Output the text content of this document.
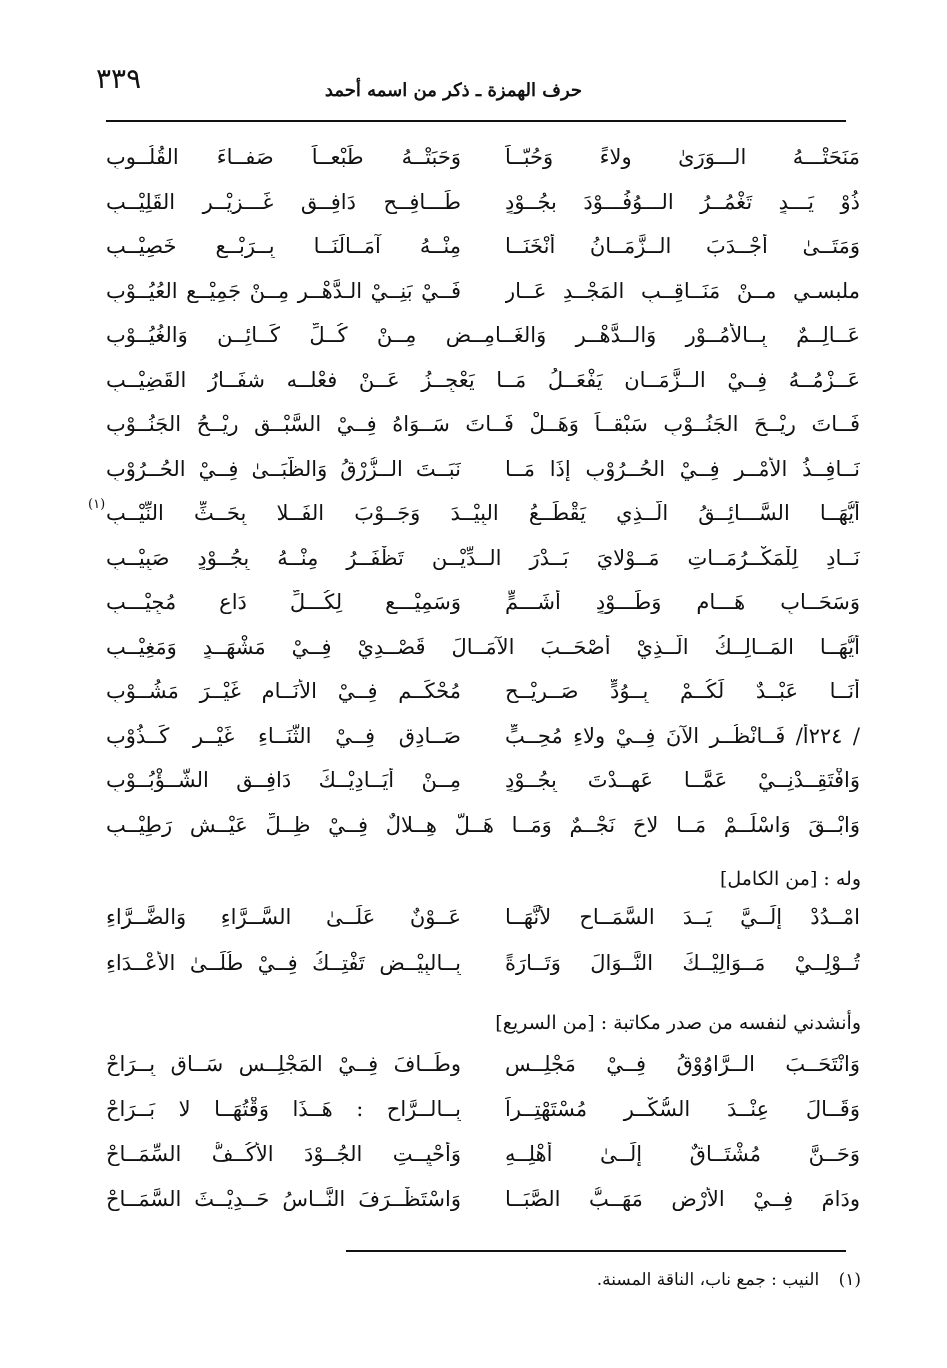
٣٣٩	حرف الهمزة ـ ذكر من اسمه أحمد
مَنَحَتْـــهُ الـــوَرَىٰ ولاءً وَحُبّــاً
وَحَبَتْــهُ طَبْعــاً صَفــاءَ القُلُــوبِ
ذُوْ يَـــدٍ تَغْمُــرُ الـــوُفُـــوْدَ بجُــوْدٍ
طَـــافِــحٍ دَافِــقٍ غَـــزِيْــرِ القَلِيْــبِ
وَمَتَــىٰ أَجْــدَبَ الــزَّمَــانُ أَنْخَنَــا
مِنْــهُ آمَــالَنَــا بِــرَبْــعٍ خَصِيْــبِ
ملبسـي مــنْ مَنَــاقِــبِ المَجْــدِ عَــارٍ
فَــيْ بَنِــيْ الـدَّهْــرِ مِــنْ جَمِيْــعِ العُيُــوْبِ
عَــالِــمٌ بِــالأُمُــوْرِ وَالــدَّهْــرِ وَالغَــامِــضِ مِــنْ كُــلِّ كَــائِــنٍ وَالغُيُــوْبِ
عَــزْمُــهُ فِــيْ الــزَّمَــانِ يَفْعَــلُ مَــا يَعْجِــزُ عَــنْ فعْلــه شفَــارُ القَضِيْــبِ
فَــاتَ رِيْــحَ الجَنُــوْبِ سَبْقــاً وَهَــلْ فَــاتَ سَــوَاهُ فِــيْ السَّبْــقِ رِيْــحُ الجَنُــوْبِ
نَــافِــذُ الأَمْــرِ فِــيْ الحُــرُوْبِ إِذَا مَــا
نَبَــتَ الــزُّرْقُ وَالظُّبَــىٰ فِــيْ الحُــرُوْبِ
أَيُّهَــا السَّـــائِــقُ الَّــذِي يَقْطَــعُ البِيْــدَ وَجَــوْبَ الفَــلا بِحَــثِّ النِّيْــبِ
(١)
نَــادِ لِلْمَكْــرُمَــاتِ مَــوْلايَ بَــدْرَ الــدِّيْــنِ تَظْفَــرُ مِنْــهُ بِجُــوْدٍ صَبِيْــبِ
وَسَحَــابٍ هَـــامٍ وَطَـــوْدٍ أَشَـــمٍّ
وَسَمِيْـــعٍ لِكُـــلِّ دَاعٍ مُجِيْـــبِ
أَيُّهَــا المَــالِــكُ الَّــذِيْ أَصْحَــبَ الآمَــالَ قَصْــدِيْ فِــيْ مَشْهَــدٍ وَمَغِيْــبِ
أَنَــا عَبْــدٌ لَكُــمْ بِــوُدٍّ صَــرِيْــحٍ
مُحْكَــمٍ فِــيْ الأَنَــامِ غَيْــرَ مَشُــوْبِ
/ ٢٢٤أ/ فَــانْظُــرِ الآنَ فِــيْ ولاءِ مُحِــبٍّ
صَــادِقٍ فِــيْ الثَّنَــاءِ غَيْــرِ كَــذُوْبِ
وَافْتَقِــدْنِــيْ عَمَّــا عَهِــدْتَ بِجُــوْدٍ
مِــنْ أَيَــادِيْــكَ دَافِــقِ الشُّــؤْبُــوْبِ
وَابْــقَ وَاسْلَــمْ مَــا لاحَ نَجْــمٌ وَمَــا هَــلَّ هِــلالٌ فِــيْ ظِــلِّ عَيْــشٍ رَطِيْــبِ
وله : [من الكامل]
امْــدُدْ إِلَــيَّ يَــدَ السَّمَــاحِ لأَنَّهَــا
عَــوْنٌ عَلَــىٰ السَّــرَّاءِ وَالضَّــرَّاءِ
تُــوْلِــيْ مَــوَالِيْــكَ النَّــوَالَ وَتَــارَةً
بِــالبِيْــضِ تَفْتِــكُ فِــيْ طُلَــىٰ الأَعْــدَاءِ
وأنشدني لنفسه من صدر مكاتبة : [من السريع]
وَانْتَحَــبَ الــرَّاوُوْقُ فِــيْ مَجْلِــسٍ
وطَــافَ فِــيْ المَجْلِــسِ سَــاقٍ بِــرَاحْ
وَقَــالَ عِنْــدَ السُّكْــرِ مُسْتَهْتِــراً
بِــالــرَّاحِ : هَــذَا وَقْتُهَــا لا بَــرَاحْ
وَحَــنَّ مُشْتَــاقٌ إِلَــىٰ أَهْلِــهِ
وَأُحْيِــتِ الجُــوْدَ الأَكُــفُّ السِّمَــاحْ
ودَامَ فِــيْ الأَرْضِ مَهَــبُّ الصَّبَــا
وَاسْتَظْــرَفَ النَّــاسُ حَــدِيْــثَ السَّمَــاحْ
(١) النيب : جمع ناب، الناقة المسنة.
